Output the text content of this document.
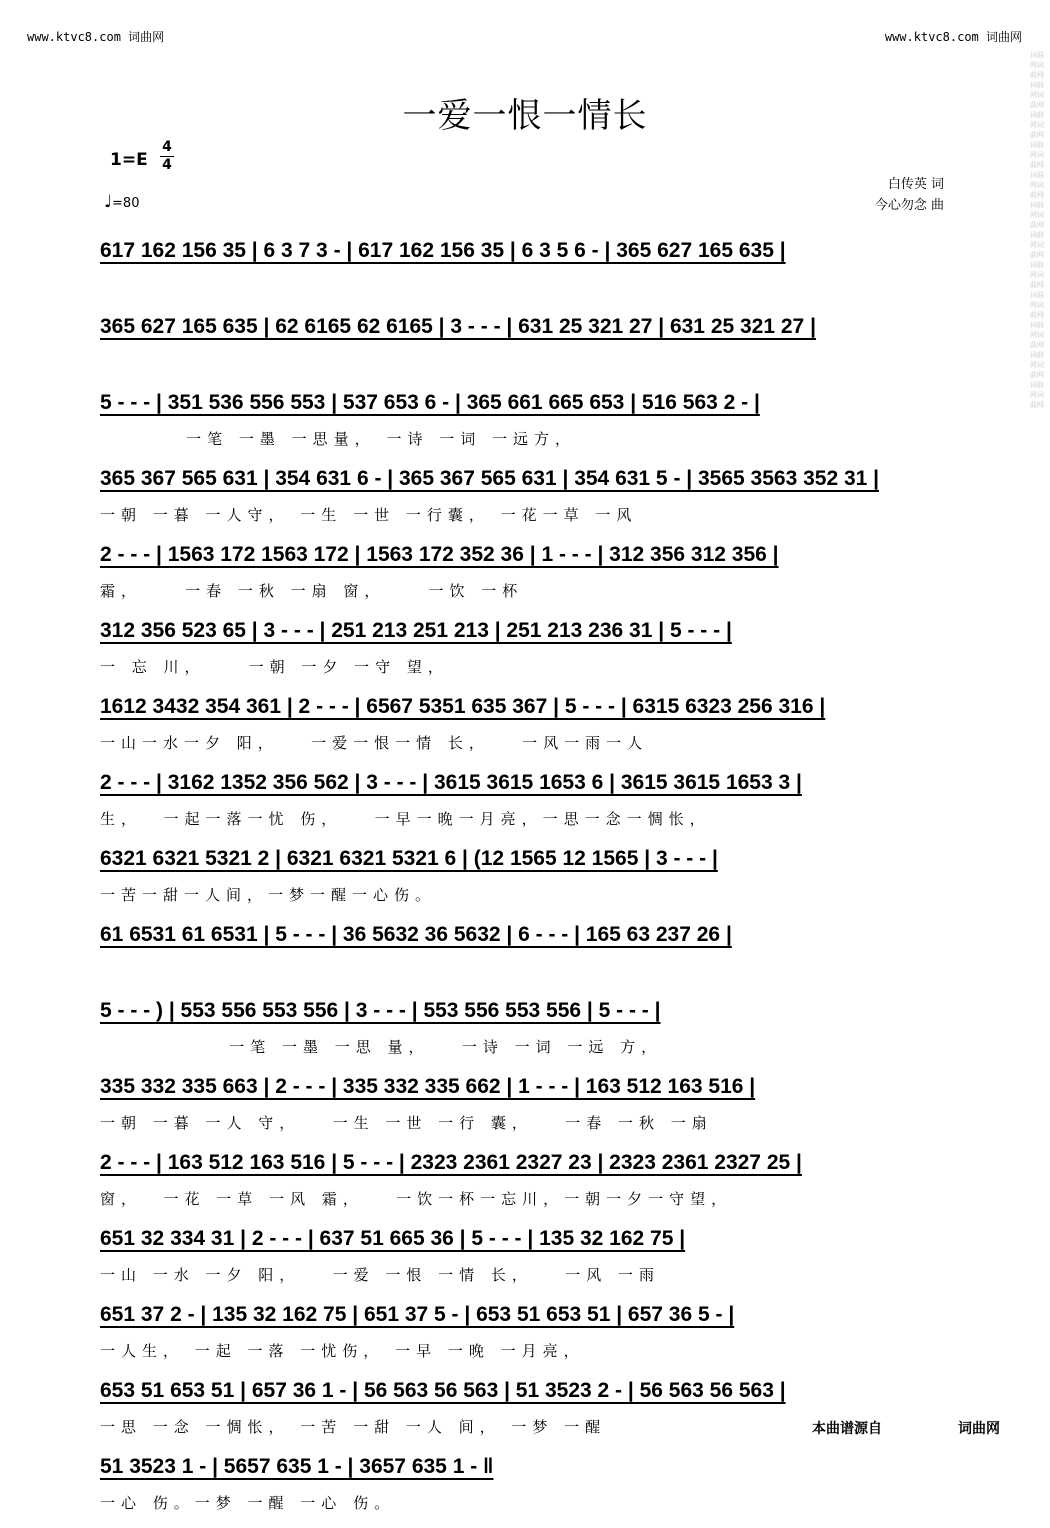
www.ktvc8.com 词曲网	www.ktvc8.com 词曲网
词曲网词曲网词曲网词曲网词曲网词曲网词曲网词曲网词曲网词曲网词曲网词曲网词曲网词曲网词曲网词曲网词曲网词曲网词曲网词曲网词曲网词曲网词曲网词曲网
一爱一恨一情长
1=E
4
4
♩=80
白传英 词
今心勿念 曲
617 162 156 35 | 6 3 7 3 - | 617 162 156 35 | 6 3 5 6 - | 365 627 165 635 |
365 627 165 635 | 62 6165 62 6165 | 3 - - - | 631 25 321 27 | 631 25 321 27 |
5 - - - | 351 536 556 553 | 537 653 6 - | 365 661 665 653 | 516 563 2 - |
一笔 一墨 一思量， 一诗 一词 一远方，
365 367 565 631 | 354 631 6 - | 365 367 565 631 | 354 631 5 - | 3565 3563 352 31 |
一朝 一暮 一人守， 一生 一世 一行囊， 一花一草 一风
2 - - - | 1563 172 1563 172 | 1563 172 352 36 | 1 - - - | 312 356 312 356 |
霜，    一春 一秋 一扇 窗，    一饮 一杯
312 356 523 65 | 3 - - - | 251 213 251 213 | 251 213 236 31 | 5 - - - |
一 忘 川，    一朝 一夕 一守 望，
1612 3432 354 361 | 2 - - - | 6567 5351 635 367 | 5 - - - | 6315 6323 256 316 |
一山一水一夕 阳，   一爱一恨一情 长，   一风一雨一人
2 - - - | 3162 1352 356 562 | 3 - - - | 3615 3615 1653 6 | 3615 3615 1653 3 |
生，  一起一落一忧 伤，   一早一晚一月亮，一思一念一惆怅，
6321 6321 5321 2 | 6321 6321 5321 6 | (12 1565 12 1565 | 3 - - - |
一苦一甜一人间，一梦一醒一心伤。
61 6531 61 6531 | 5 - - - | 36 5632 36 5632 | 6 - - - | 165 63 237 26 |
5 - - - ) | 553 556 553 556 | 3 - - - | 553 556 553 556 | 5 - - - |
一笔 一墨 一思 量，   一诗 一词 一远 方，
335 332 335 663 | 2 - - - | 335 332 335 662 | 1 - - - | 163 512 163 516 |
一朝 一暮 一人 守，   一生 一世 一行 囊，   一春 一秋 一扇
2 - - - | 163 512 163 516 | 5 - - - | 2323 2361 2327 23 | 2323 2361 2327 25 |
窗，  一花 一草 一风 霜，   一饮一杯一忘川，一朝一夕一守望，
651 32 334 31 | 2 - - - | 637 51 665 36 | 5 - - - | 135 32 162 75 |
一山 一水 一夕 阳，   一爱 一恨 一情 长，   一风 一雨
651 37 2 - | 135 32 162 75 | 651 37 5 - | 653 51 653 51 | 657 36 5 - |
一人生， 一起 一落 一忧伤， 一早 一晚 一月亮，
653 51 653 51 | 657 36 1 - | 56 563 56 563 | 51 3523 2 - | 56 563 56 563 |
一思 一念 一惆怅， 一苦 一甜 一人 间， 一梦 一醒
51 3523 1 - | 5657 635 1 - | 3657 635 1 - ‖
一心 伤。一梦 一醒 一心 伤。
本曲谱源自	词曲网
